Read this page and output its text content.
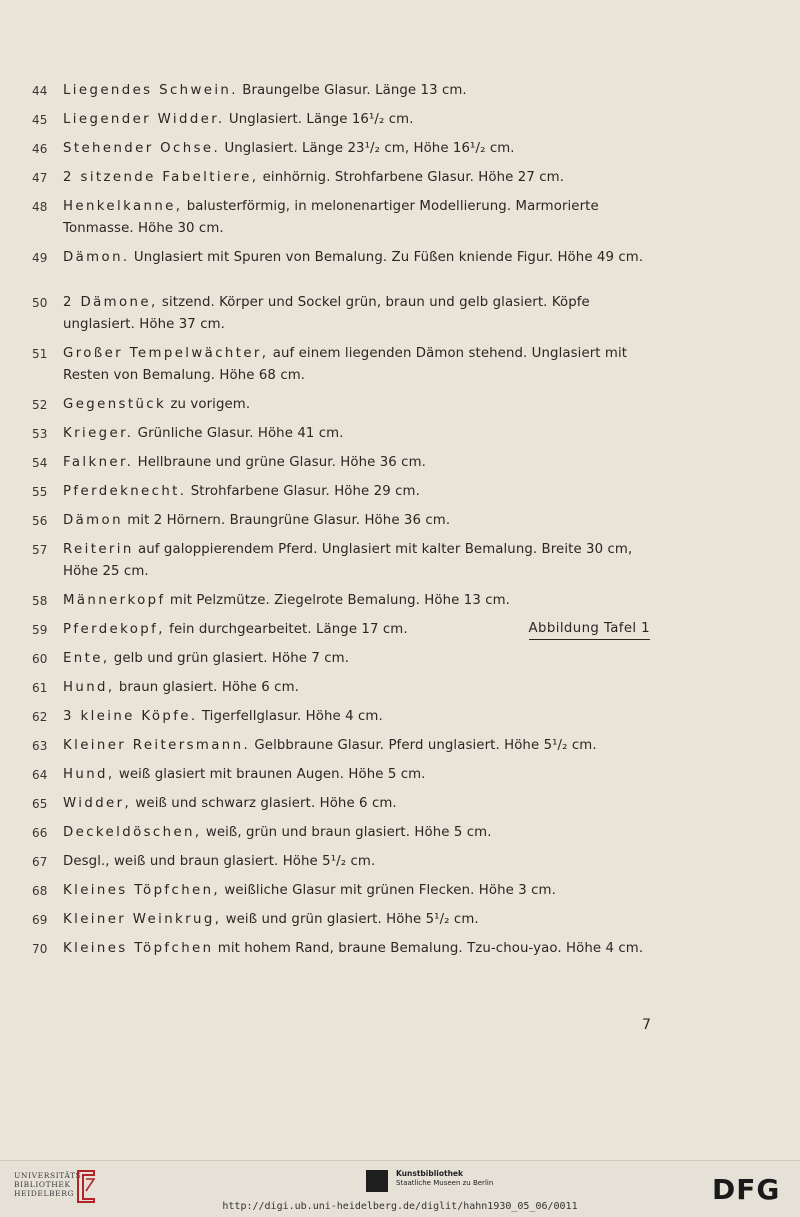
44	Liegendes Schwein. Braungelbe Glasur. Länge 13 cm.
45	Liegender Widder. Unglasiert. Länge 16¹/₂ cm.
46	Stehender Ochse. Unglasiert. Länge 23¹/₂ cm, Höhe 16¹/₂ cm.
47	2 sitzende Fabeltiere, einhörnig. Strohfarbene Glasur. Höhe 27 cm.
48	Henkelkanne, balusterförmig, in melonenartiger Modellierung. Marmorierte Tonmasse. Höhe 30 cm.
49	Dämon. Unglasiert mit Spuren von Bemalung. Zu Füßen kniende Figur. Höhe 49 cm.
50	2 Dämone, sitzend. Körper und Sockel grün, braun und gelb glasiert. Köpfe unglasiert. Höhe 37 cm.
51	Großer Tempelwächter, auf einem liegenden Dämon stehend. Unglasiert mit Resten von Bemalung. Höhe 68 cm.
52	Gegenstück zu vorigem.
53	Krieger. Grünliche Glasur. Höhe 41 cm.
54	Falkner. Hellbraune und grüne Glasur. Höhe 36 cm.
55	Pferdeknecht. Strohfarbene Glasur. Höhe 29 cm.
56	Dämon mit 2 Hörnern. Braungrüne Glasur. Höhe 36 cm.
57	Reiterin auf galoppierendem Pferd. Unglasiert mit kalter Bemalung. Breite 30 cm, Höhe 25 cm.
58	Männerkopf mit Pelzmütze. Ziegelrote Bemalung. Höhe 13 cm.
59	Pferdekopf, fein durchgearbeitet. Länge 17 cm.	Abbildung Tafel 1
60	Ente, gelb und grün glasiert. Höhe 7 cm.
61	Hund, braun glasiert. Höhe 6 cm.
62	3 kleine Köpfe. Tigerfellglasur. Höhe 4 cm.
63	Kleiner Reitersmann. Gelbbraune Glasur. Pferd unglasiert. Höhe 5¹/₂ cm.
64	Hund, weiß glasiert mit braunen Augen. Höhe 5 cm.
65	Widder, weiß und schwarz glasiert. Höhe 6 cm.
66	Deckeldöschen, weiß, grün und braun glasiert. Höhe 5 cm.
67	Desgl., weiß und braun glasiert. Höhe 5¹/₂ cm.
68	Kleines Töpfchen, weißliche Glasur mit grünen Flecken. Höhe 3 cm.
69	Kleiner Weinkrug, weiß und grün glasiert. Höhe 5¹/₂ cm.
70	Kleines Töpfchen mit hohem Rand, braune Bemalung. Tzu-chou-yao. Höhe 4 cm.
7
UNIVERSITÄTS-
BIBLIOTHEK
HEIDELBERG
Kunstbibliothek
Staatliche Museen zu Berlin	DFG
http://digi.ub.uni-heidelberg.de/diglit/hahn1930_05_06/0011
